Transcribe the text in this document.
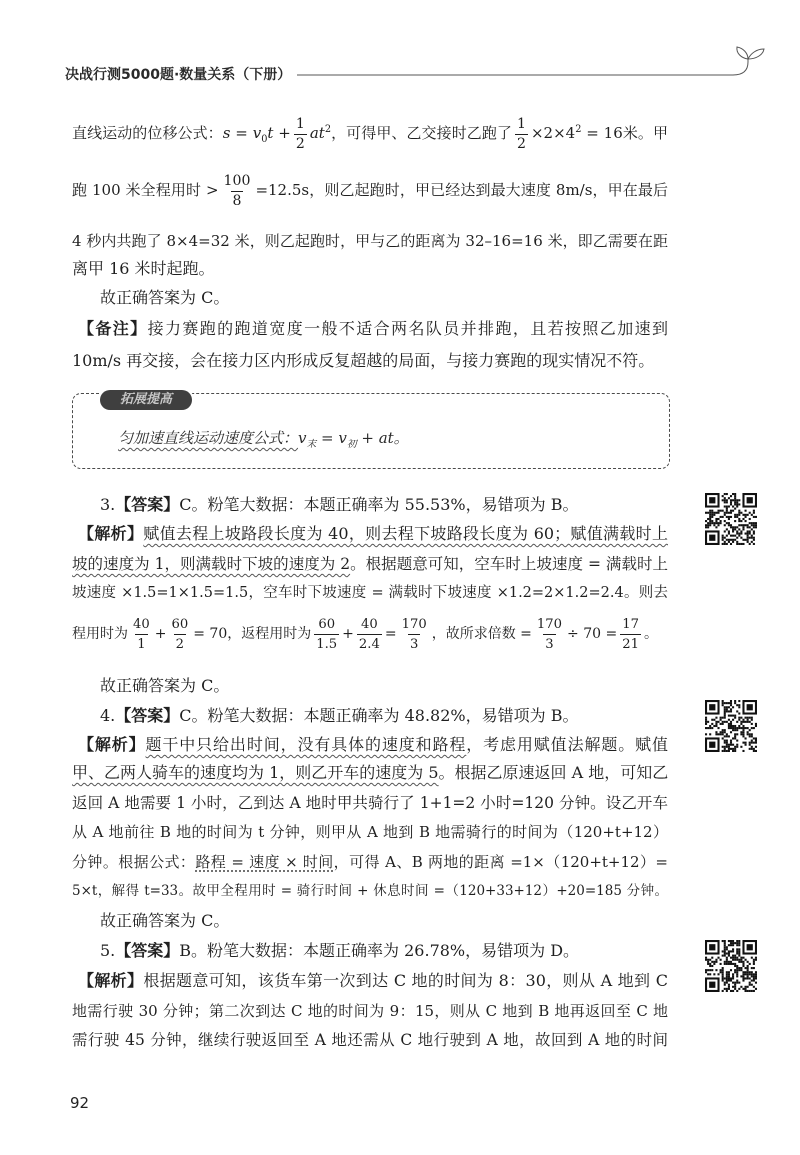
决战行测5000题·数量关系（下册）
直线运动的位移公式：$s = v_0t + \frac{1}{2} at^2$，可得甲、乙交接时乙跑了 $\frac{1}{2} \times 2\times 4^2 = 16$米。甲
跑 100 米全程用时 > $\frac{100}{8} =12.5s$，则乙起跑时，甲已经达到最大速度 8m/s，甲在最后
4 秒内共跑了 8×4=32 米，则乙起跑时，甲与乙的距离为 32–16=16 米，即乙需要在距
离甲 16 米时起跑。
故正确答案为 C。
【备注】接力赛跑的跑道宽度一般不适合两名队员并排跑，且若按照乙加速到
10m/s 再交接，会在接力区内形成反复超越的局面，与接力赛跑的现实情况不符。
拓展提高
匀加速直线运动速度公式：$v_末 = v_初$ + at。
3.【答案】C。粉笔大数据：本题正确率为 55.53%，易错项为 B。
【解析】赋值去程上坡路段长度为 40，则去程下坡路段长度为 60；赋值满载时上
坡的速度为 1，则满载时下坡的速度为 2。根据题意可知，空车时上坡速度 = 满载时上
坡速度 ×1.5=1×1.5=1.5，空车时下坡速度 = 满载时下坡速度 ×1.2=2×1.2=2.4。则去
程用时为 $\frac{40}{1} + \frac{60}{2} = 70$，返程用时为 $\frac{60}{1.5} + \frac{40}{2.4} = \frac{170}{3}$ ，故所求倍数 = $\frac{170}{3} \div 70 = \frac{17}{21}$ 。
故正确答案为 C。
4.【答案】C。粉笔大数据：本题正确率为 48.82%，易错项为 B。
【解析】题干中只给出时间，没有具体的速度和路程，考虑用赋值法解题。赋值
甲、乙两人骑车的速度均为 1，则乙开车的速度为 5。根据乙原速返回 A 地，可知乙
返回 A 地需要 1 小时，乙到达 A 地时甲共骑行了 1+1=2 小时=120 分钟。设乙开车
从 A 地前往 B 地的时间为 t 分钟，则甲从 A 地到 B 地需骑行的时间为（120+t+12）
分钟。根据公式：路程 = 速度 × 时间，可得 A、B 两地的距离 =1×（120+t+12）=
5×t，解得 t=33。故甲全程用时 = 骑行时间 + 休息时间 =（120+33+12）+20=185 分钟。
故正确答案为 C。
5.【答案】B。粉笔大数据：本题正确率为 26.78%，易错项为 D。
【解析】根据题意可知，该货车第一次到达 C 地的时间为 8：30，则从 A 地到 C
地需行驶 30 分钟；第二次到达 C 地的时间为 9：15，则从 C 地到 B 地再返回至 C 地
需行驶 45 分钟，继续行驶返回至 A 地还需从 C 地行驶到 A 地，故回到 A 地的时间
92
